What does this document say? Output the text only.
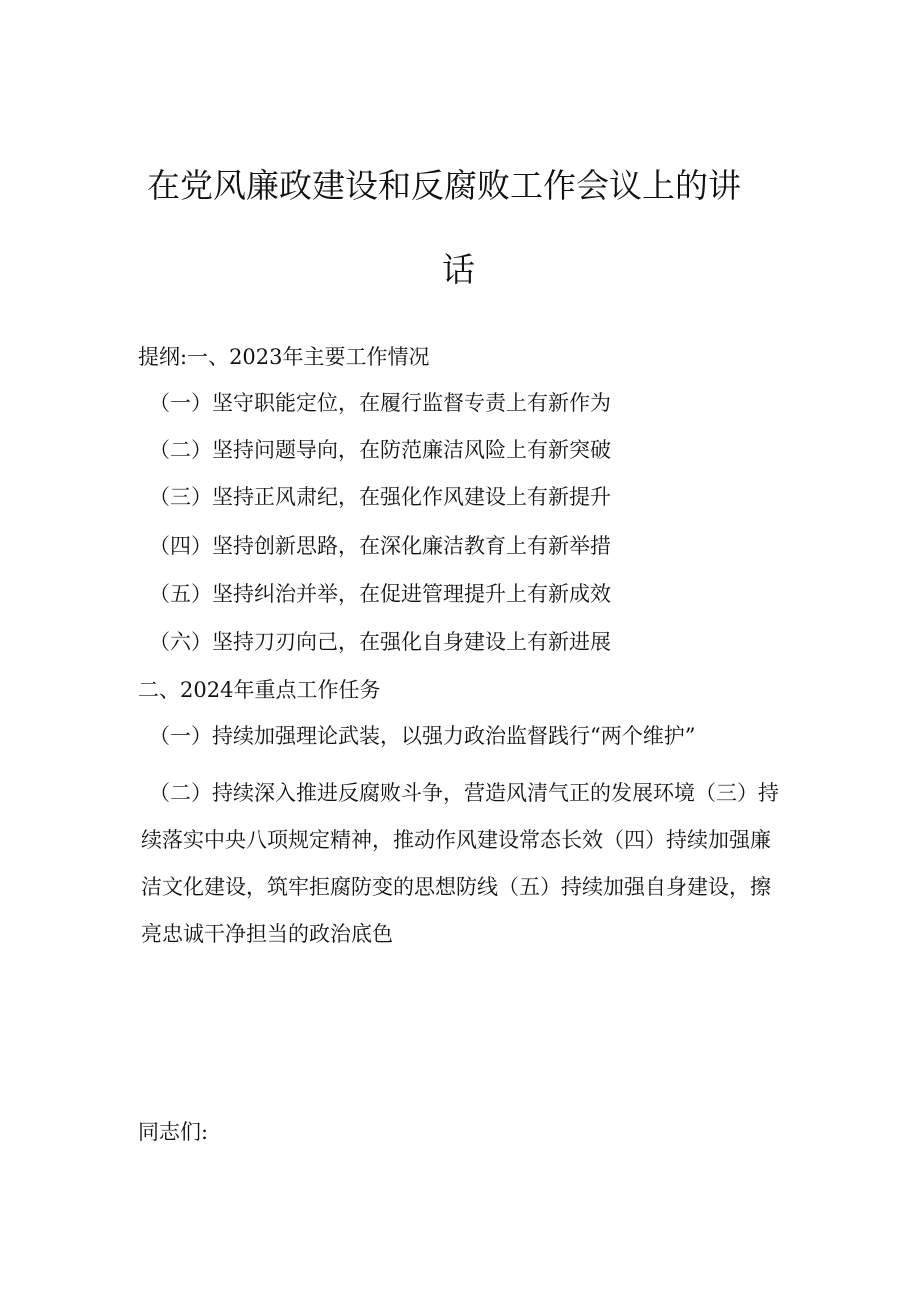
在党风廉政建设和反腐败工作会议上的讲
话
提纲:一、2023年主要工作情况
（一）坚守职能定位，在履行监督专责上有新作为
（二）坚持问题导向，在防范廉洁风险上有新突破
（三）坚持正风肃纪，在强化作风建设上有新提升
（四）坚持创新思路，在深化廉洁教育上有新举措
（五）坚持纠治并举，在促进管理提升上有新成效
（六）坚持刀刃向己，在强化自身建设上有新进展
二、2024年重点工作任务
（一）持续加强理论武装，以强力政治监督践行“两个维护”
（二）持续深入推进反腐败斗争，营造风清气正的发展环境（三）持续落实中央八项规定精神，推动作风建设常态长效（四）持续加强廉洁文化建设，筑牢拒腐防变的思想防线（五）持续加强自身建设，擦亮忠诚干净担当的政治底色
同志们:
